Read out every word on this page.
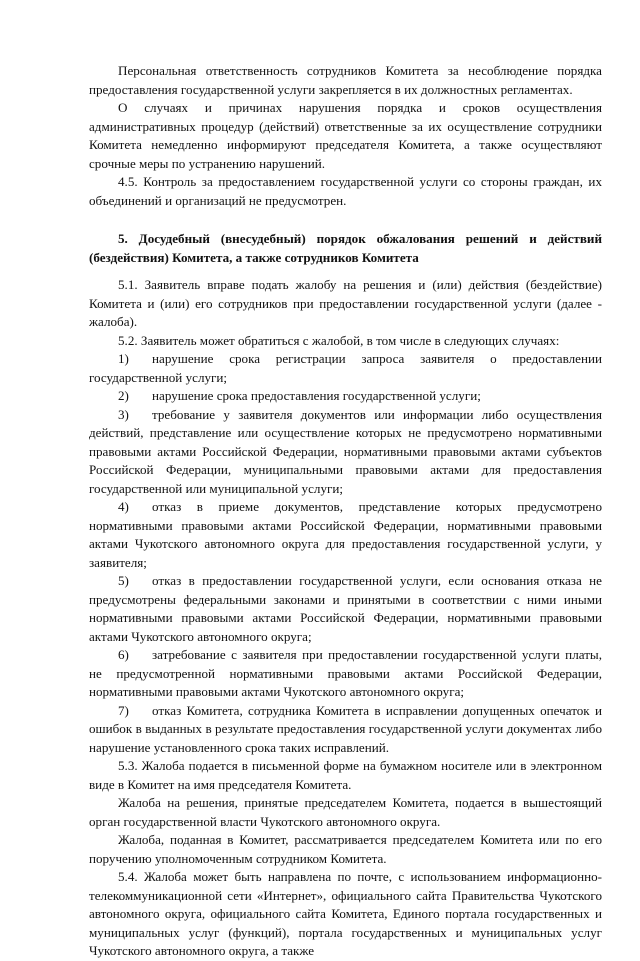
Персональная ответственность сотрудников Комитета за несоблюдение порядка предоставления государственной услуги закрепляется в их должностных регламентах.

О случаях и причинах нарушения порядка и сроков осуществления административных процедур (действий) ответственные за их осуществление сотрудники Комитета немедленно информируют председателя Комитета, а также осуществляют срочные меры по устранению нарушений.

4.5. Контроль за предоставлением государственной услуги со стороны граждан, их объединений и организаций не предусмотрен.

5. Досудебный (внесудебный) порядок обжалования решений и действий (бездействия) Комитета, а также сотрудников Комитета

5.1. Заявитель вправе подать жалобу на решения и (или) действия (бездействие) Комитета и (или) его сотрудников при предоставлении государственной услуги (далее - жалоба).

5.2. Заявитель может обратиться с жалобой, в том числе в следующих случаях:

1) нарушение срока регистрации запроса заявителя о предоставлении государственной услуги;

2) нарушение срока предоставления государственной услуги;

3) требование у заявителя документов или информации либо осуществления действий, представление или осуществление которых не предусмотрено нормативными правовыми актами Российской Федерации, нормативными правовыми актами субъектов Российской Федерации, муниципальными правовыми актами для предоставления государственной или муниципальной услуги;

4) отказ в приеме документов, представление которых предусмотрено нормативными правовыми актами Российской Федерации, нормативными правовыми актами Чукотского автономного округа для предоставления государственной услуги, у заявителя;

5) отказ в предоставлении государственной услуги, если основания отказа не предусмотрены федеральными законами и принятыми в соответствии с ними иными нормативными правовыми актами Российской Федерации, нормативными правовыми актами Чукотского автономного округа;

6) затребование с заявителя при предоставлении государственной услуги платы, не предусмотренной нормативными правовыми актами Российской Федерации, нормативными правовыми актами Чукотского автономного округа;

7) отказ Комитета, сотрудника Комитета в исправлении допущенных опечаток и ошибок в выданных в результате предоставления государственной услуги документах либо нарушение установленного срока таких исправлений.

5.3. Жалоба подается в письменной форме на бумажном носителе или в электронном виде в Комитет на имя председателя Комитета.

Жалоба на решения, принятые председателем Комитета, подается в вышестоящий орган государственной власти Чукотского автономного округа.

Жалоба, поданная в Комитет, рассматривается председателем Комитета или по его поручению уполномоченным сотрудником Комитета.

5.4. Жалоба может быть направлена по почте, с использованием информационно-телекоммуникационной сети «Интернет», официального сайта Правительства Чукотского автономного округа, официального сайта Комитета, Единого портала государственных и муниципальных услуг (функций), портала государственных и муниципальных услуг Чукотского автономного округа, а также
